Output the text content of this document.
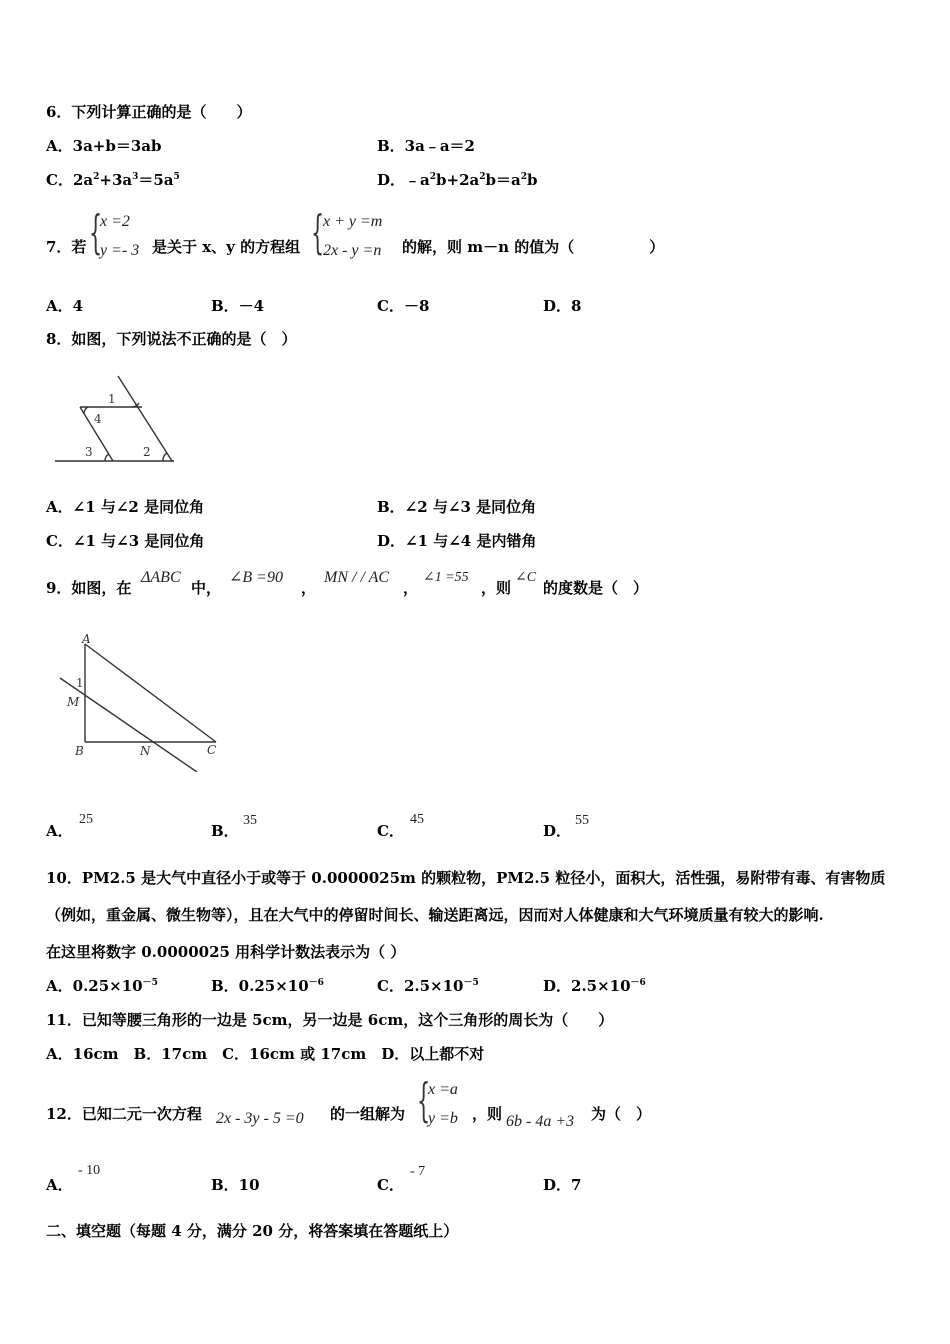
6．下列计算正确的是（　　）
A．3a+b＝3ab	B．3a﹣a＝2
C．$2a^2+3a^3=5a^5$	D．$﹣a^2b+2a^2b=a^2b$
7．若 {
x =2
y =- 3 是关于 x、y 的方程组 {
x + y =m
2x - y =n 的解，则 m－n 的值为（　　　　　）
A．4	B．－4	C．－8	D．8
8．如图，下列说法不正确的是（　）
1
4
3	2
A．∠1 与∠2 是同位角	B．∠2 与∠3 是同位角
C．∠1 与∠3 是同位角	D．∠1 与∠4 是内错角
9．如图，在
ΔABC
中，
∠B =90
，
MN / / AC
，
∠1 =55
，则
∠C
的度数是（　）
A
1
M
B	N	C
A．
25
B．
35
C．
45
D．
55
10．PM2.5 是大气中直径小于或等于 0.0000025m 的颗粒物，PM2.5 粒径小，面积大，活性强，易附带有毒、有害物质
（例如，重金属、微生物等），且在大气中的停留时间长、输送距离远，因而对人体健康和大气环境质量有较大的影响.
在这里将数字 0.0000025 用科学计数法表示为（ ）
A．$0.25\times 10^{-5}$	B．$0.25\times 10^{-6}$	C．$2.5\times 10^{-5}$	D．$2.5\times 10^{-6}$
11．已知等腰三角形的一边是 5cm，另一边是 6cm，这个三角形的周长为（　　）
A．16cm　B．17cm　C．16cm 或 17cm　D．以上都不对
12．已知二元一次方程 2x - 3y - 5 =0 的一组解为 {
x =a
y =b ，则 6b - 4a +3 为（　）
A．
- 10
B．10	C．
- 7
D．7
二、填空题（每题 4 分，满分 20 分，将答案填在答题纸上）
